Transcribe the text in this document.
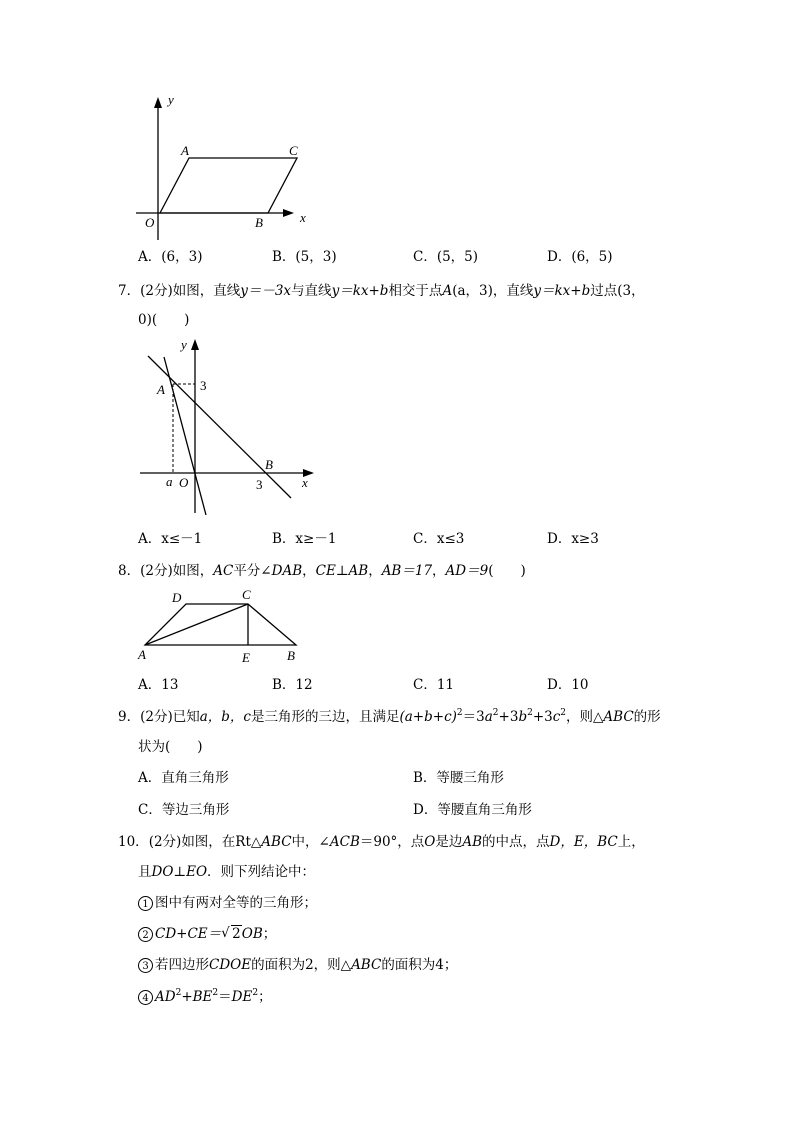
y
x
A	C
O	B
A．(6，3)	B．(5，3)	C．(5，5)	D．(6，5)
7．(2分)如图，直线y＝－3x与直线y＝kx+b相交于点A(a，3)，直线y＝kx+b过点(3，
0)(　　)
y
x
A	3
B
a O	3
A．x≤－1	B．x≥－1	C．x≤3	D．x≥3
8．(2分)如图，AC平分∠DAB，CE⊥AB，AB＝17，AD＝9(　　)
D	C
A	E	B
A．13	B．12	C．11	D．10
9．(2分)已知a，b，c是三角形的三边，且满足$(a+b+c)^2=3a^2+3b^2+3c^2$，则△ABC的形
状为(　　)
A．直角三角形	B．等腰三角形
C．等边三角形	D．等腰直角三角形
10．(2分)如图，在Rt△ABC中，∠ACB＝90°，点O是边AB的中点，点D，E，BC上，
且DO⊥EO．则下列结论中：
1 图中有两对全等的三角形；
2 CD+CE＝√ 2OB；
3 若四边形CDOE的面积为2，则△ABC的面积为4；
4 $AD^2+BE^2=DE^2$；
